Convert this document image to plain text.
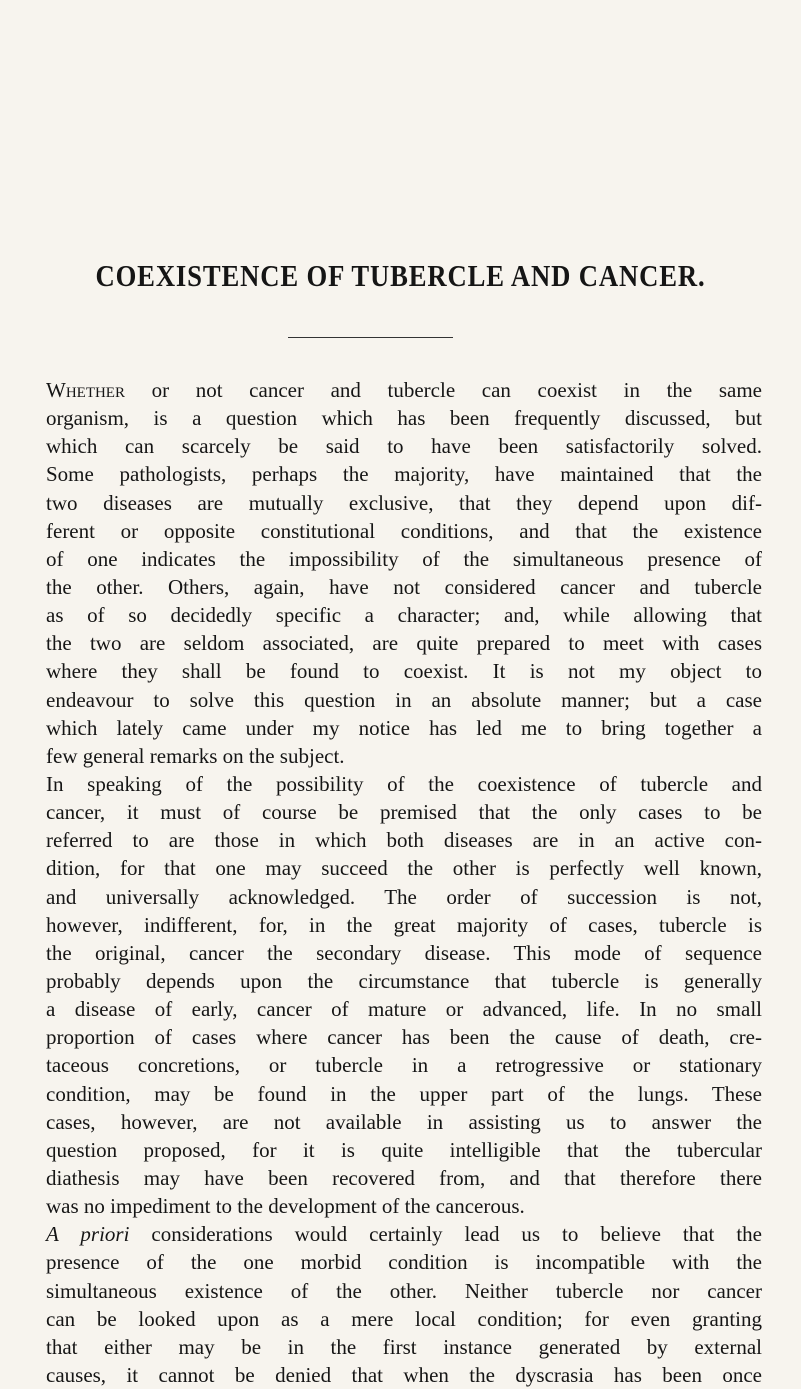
COEXISTENCE OF TUBERCLE AND CANCER.
Whether or not cancer and tubercle can coexist in the same
organism, is a question which has been frequently discussed, but
which can scarcely be said to have been satisfactorily solved.
Some pathologists, perhaps the majority, have maintained that the
two diseases are mutually exclusive, that they depend upon dif-
ferent or opposite constitutional conditions, and that the existence
of one indicates the impossibility of the simultaneous presence of
the other. Others, again, have not considered cancer and tubercle
as of so decidedly specific a character; and, while allowing that
the two are seldom associated, are quite prepared to meet with cases
where they shall be found to coexist. It is not my object to
endeavour to solve this question in an absolute manner; but a case
which lately came under my notice has led me to bring together a
few general remarks on the subject.
In speaking of the possibility of the coexistence of tubercle and
cancer, it must of course be premised that the only cases to be
referred to are those in which both diseases are in an active con-
dition, for that one may succeed the other is perfectly well known,
and universally acknowledged. The order of succession is not,
however, indifferent, for, in the great majority of cases, tubercle is
the original, cancer the secondary disease. This mode of sequence
probably depends upon the circumstance that tubercle is generally
a disease of early, cancer of mature or advanced, life. In no small
proportion of cases where cancer has been the cause of death, cre-
taceous concretions, or tubercle in a retrogressive or stationary
condition, may be found in the upper part of the lungs. These
cases, however, are not available in assisting us to answer the
question proposed, for it is quite intelligible that the tubercular
diathesis may have been recovered from, and that therefore there
was no impediment to the development of the cancerous.
A priori considerations would certainly lead us to believe that the
presence of the one morbid condition is incompatible with the
simultaneous existence of the other. Neither tubercle nor cancer
can be looked upon as a mere local condition; for even granting
that either may be in the first instance generated by external
causes, it cannot be denied that when the dyscrasia has been once
